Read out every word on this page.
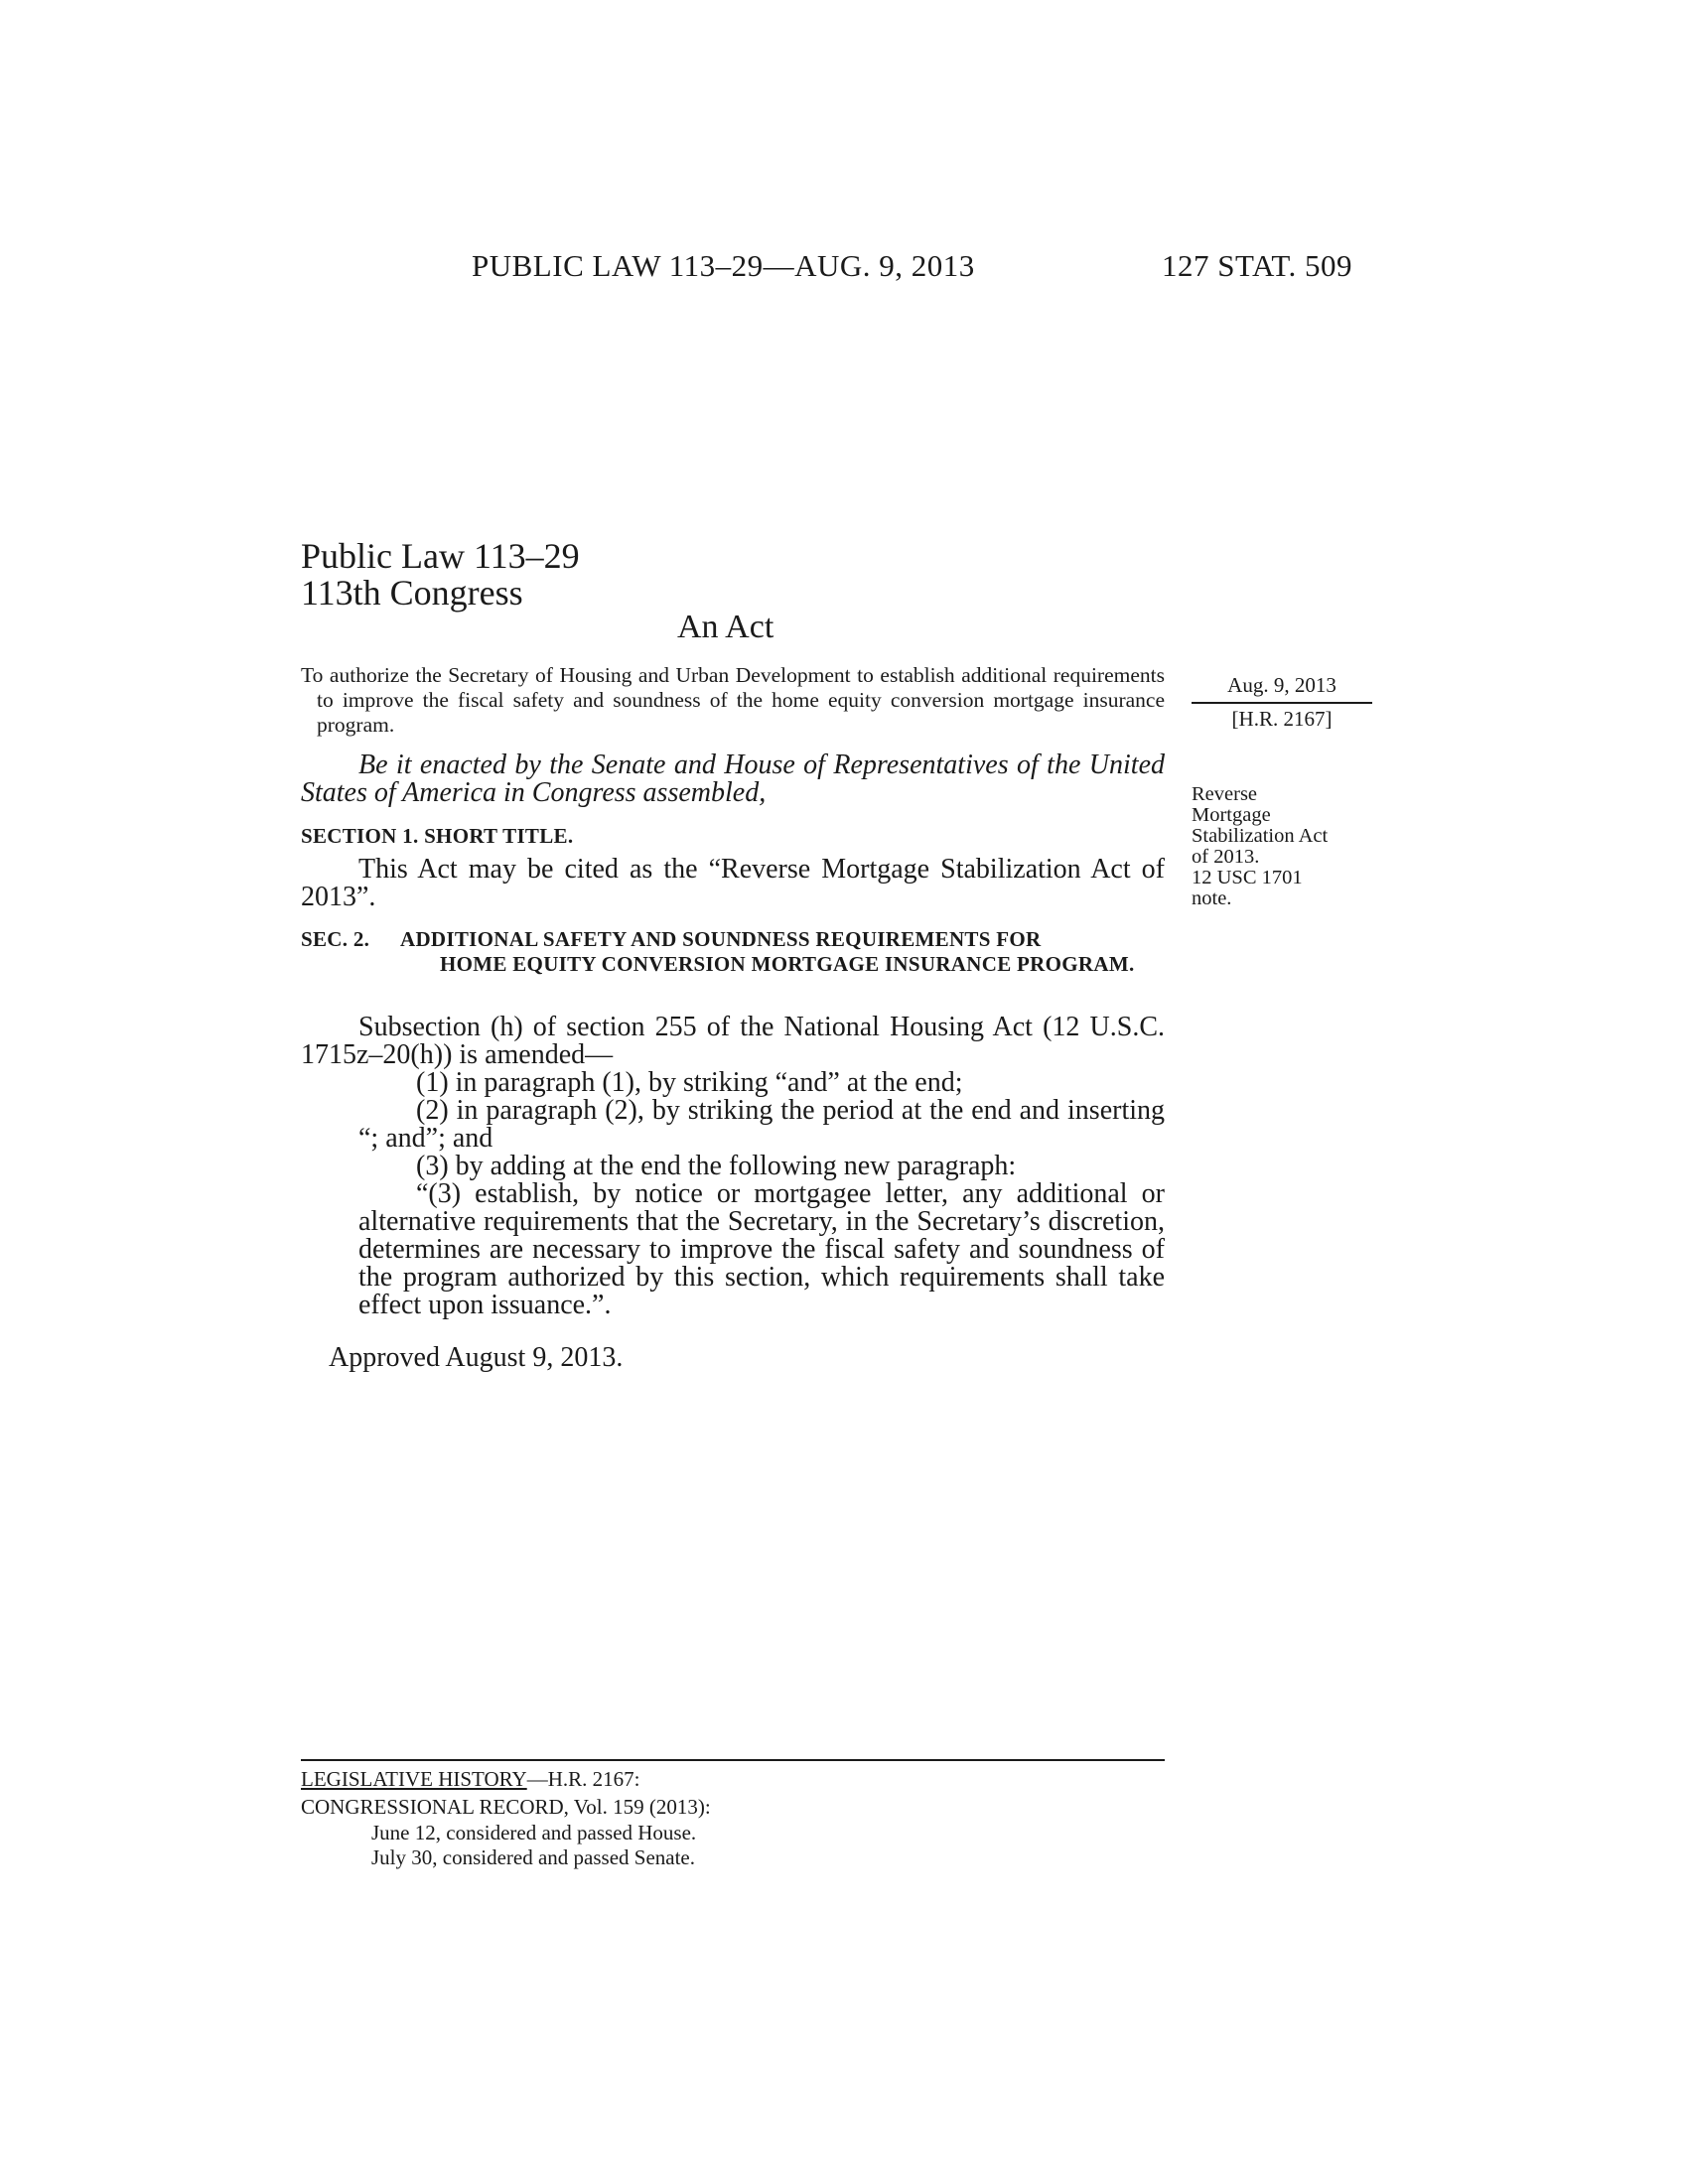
PUBLIC LAW 113–29—AUG. 9, 2013	127 STAT. 509
Public Law 113–29
113th Congress
An Act
To authorize the Secretary of Housing and Urban Development to establish additional requirements to improve the fiscal safety and soundness of the home equity conversion mortgage insurance program.
Aug. 9, 2013
[H.R. 2167]
Reverse
Mortgage
Stabilization Act
of 2013.
12 USC 1701
note.
Be it enacted by the Senate and House of Representatives of the United States of America in Congress assembled,
SECTION 1. SHORT TITLE.
This Act may be cited as the “Reverse Mortgage Stabilization Act of 2013”.
SEC. 2. ADDITIONAL SAFETY AND SOUNDNESS REQUIREMENTS FOR
HOME EQUITY CONVERSION MORTGAGE INSURANCE PROGRAM.

Subsection (h) of section 255 of the National Housing Act (12 U.S.C. 1715z–20(h)) is amended—

(1) in paragraph (1), by striking “and” at the end;

(2) in paragraph (2), by striking the period at the end and inserting “; and”; and

(3) by adding at the end the following new paragraph:

“(3) establish, by notice or mortgagee letter, any additional or alternative requirements that the Secretary, in the Secretary’s discretion, determines are necessary to improve the fiscal safety and soundness of the program authorized by this section, which requirements shall take effect upon issuance.”.

Approved August 9, 2013.
LEGISLATIVE HISTORY—H.R. 2167:
CONGRESSIONAL RECORD, Vol. 159 (2013):
June 12, considered and passed House.
July 30, considered and passed Senate.
